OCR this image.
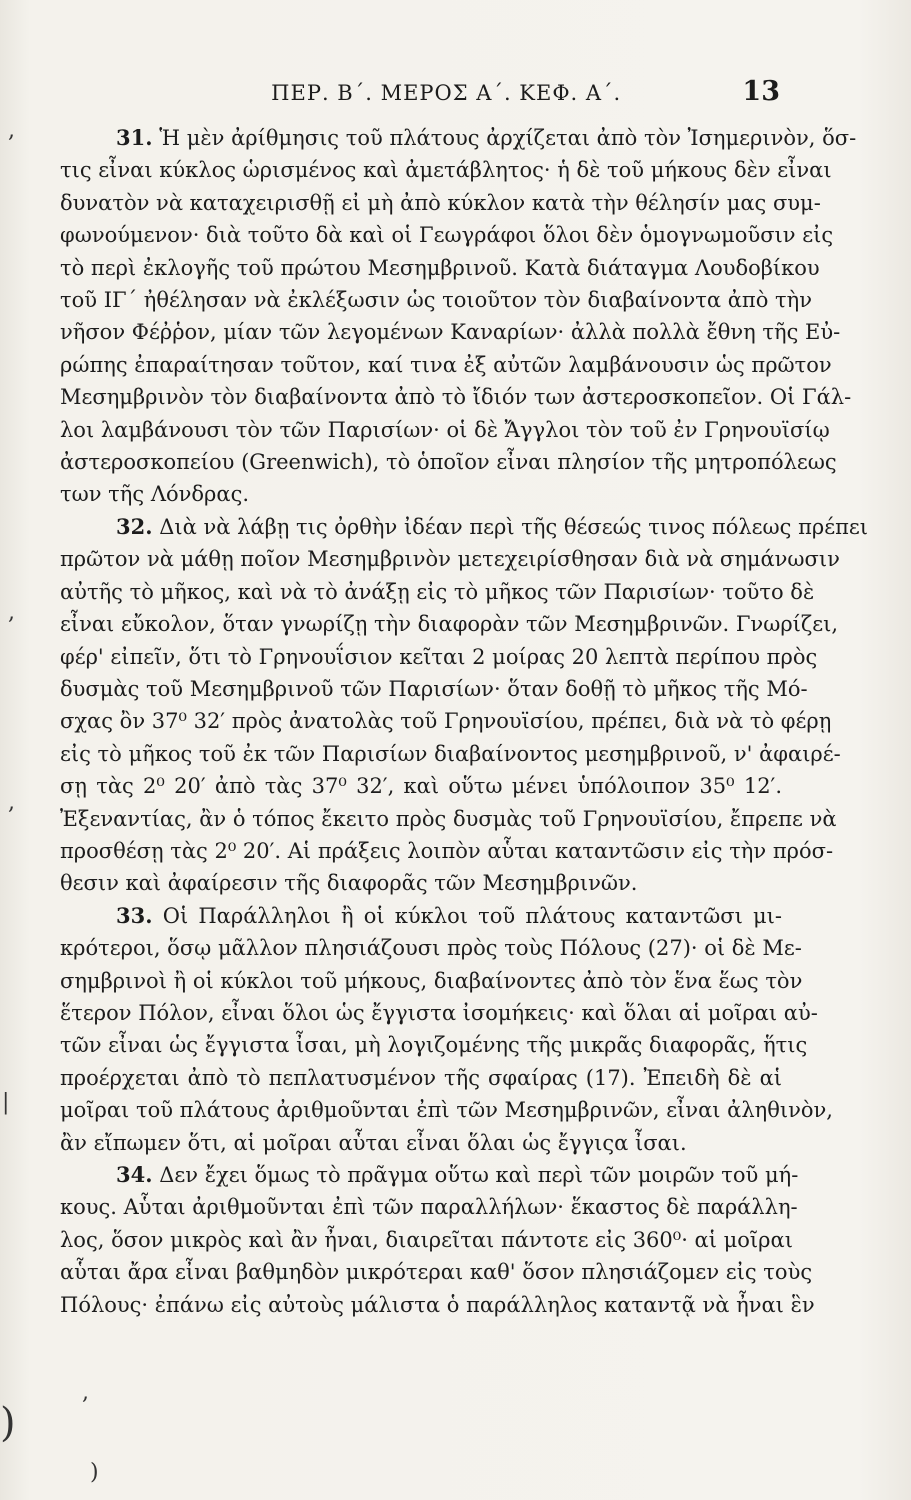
ΠΕΡ. Β΄. ΜΕΡΟΣ Α΄. ΚΕΦ. Α΄.	13
31. Ἡ μὲν ἀρίθμησις τοῦ πλάτους ἀρχίζεται ἀπὸ τὸν Ἰσημερινὸν, ὅσ-
τις εἶναι κύκλος ὡρισμένος καὶ ἀμετάβλητος· ἡ δὲ τοῦ μήκους δὲν εἶναι
δυνατὸν νὰ καταχειρισθῇ εἰ μὴ ἀπὸ κύκλον κατὰ τὴν θέλησίν μας συμ-
φωνούμενον· διὰ τοῦτο δὰ καὶ οἱ Γεωγράφοι ὅλοι δὲν ὁμογνωμοῦσιν εἰς
τὸ περὶ ἐκλογῆς τοῦ πρώτου Μεσημβρινοῦ. Κατὰ διάταγμα Λουδοβίκου
τοῦ ΙΓ΄ ἠθέλησαν νὰ ἐκλέξωσιν ὡς τοιοῦτον τὸν διαβαίνοντα ἀπὸ τὴν
νῆσον Φέῤῥον, μίαν τῶν λεγομένων Καναρίων· ἀλλὰ πολλὰ ἔθνη τῆς Εὐ-
ρώπης ἐπαραίτησαν τοῦτον, καί τινα ἐξ αὐτῶν λαμβάνουσιν ὡς πρῶτον
Μεσημβρινὸν τὸν διαβαίνοντα ἀπὸ τὸ ἴδιόν των ἀστεροσκοπεῖον. Οἱ Γάλ-
λοι λαμβάνουσι τὸν τῶν Παρισίων· οἱ δὲ Ἄγγλοι τὸν τοῦ ἐν Γρηνουϊσίῳ
ἀστεροσκοπείου (Greenwich), τὸ ὁποῖον εἶναι πλησίον τῆς μητροπόλεως
των τῆς Λόνδρας.
32. Διὰ νὰ λάβῃ τις ὀρθὴν ἰδέαν περὶ τῆς θέσεώς τινος πόλεως πρέπει
πρῶτον νὰ μάθῃ ποῖον Μεσημβρινὸν μετεχειρίσθησαν διὰ νὰ σημάνωσιν
αὐτῆς τὸ μῆκος, καὶ νὰ τὸ ἀνάξῃ εἰς τὸ μῆκος τῶν Παρισίων· τοῦτο δὲ
εἶναι εὔκολον, ὅταν γνωρίζῃ τὴν διαφορὰν τῶν Μεσημβρινῶν. Γνωρίζει,
φέρ' εἰπεῖν, ὅτι τὸ Γρηνουΐσιον κεῖται 2 μοίρας 20 λεπτὰ περίπου πρὸς
δυσμὰς τοῦ Μεσημβρινοῦ τῶν Παρισίων· ὅταν δοθῇ τὸ μῆκος τῆς Μό-
σχας ὂν 37⁰ 32′ πρὸς ἀνατολὰς τοῦ Γρηνουϊσίου, πρέπει, διὰ νὰ τὸ φέρῃ
εἰς τὸ μῆκος τοῦ ἐκ τῶν Παρισίων διαβαίνοντος μεσημβρινοῦ, ν' ἀφαιρέ-
σῃ τὰς 2⁰ 20′ ἀπὸ τὰς 37⁰ 32′, καὶ οὕτω μένει ὑπόλοιπον 35⁰ 12′.
Ἐξεναντίας, ἂν ὁ τόπος ἔκειτο πρὸς δυσμὰς τοῦ Γρηνουϊσίου, ἔπρεπε νὰ
προσθέσῃ τὰς 2⁰ 20′. Αἱ πράξεις λοιπὸν αὗται καταντῶσιν εἰς τὴν πρόσ-
θεσιν καὶ ἀφαίρεσιν τῆς διαφορᾶς τῶν Μεσημβρινῶν.
33. Οἱ Παράλληλοι ἢ οἱ κύκλοι τοῦ πλάτους καταντῶσι μι-
κρότεροι, ὅσῳ μᾶλλον πλησιάζουσι πρὸς τοὺς Πόλους (27)· οἱ δὲ Με-
σημβρινοὶ ἢ οἱ κύκλοι τοῦ μήκους, διαβαίνοντες ἀπὸ τὸν ἕνα ἕως τὸν
ἕτερον Πόλον, εἶναι ὅλοι ὡς ἔγγιστα ἰσομήκεις· καὶ ὅλαι αἱ μοῖραι αὐ-
τῶν εἶναι ὡς ἔγγιστα ἶσαι, μὴ λογιζομένης τῆς μικρᾶς διαφορᾶς, ἥτις
προέρχεται ἀπὸ τὸ πεπλατυσμένον τῆς σφαίρας (17). Ἐπειδὴ δὲ αἱ
μοῖραι τοῦ πλάτους ἀριθμοῦνται ἐπὶ τῶν Μεσημβρινῶν, εἶναι ἀληθινὸν,
ἂν εἴπωμεν ὅτι, αἱ μοῖραι αὗται εἶναι ὅλαι ὡς ἔγγιςα ἶσαι.
34. Δεν ἔχει ὅμως τὸ πρᾶγμα οὕτω καὶ περὶ τῶν μοιρῶν τοῦ μή-
κους. Αὗται ἀριθμοῦνται ἐπὶ τῶν παραλλήλων· ἕκαστος δὲ παράλλη-
λος, ὅσον μικρὸς καὶ ἂν ἦναι, διαιρεῖται πάντοτε εἰς 360⁰· αἱ μοῖραι
αὗται ἄρα εἶναι βαθμηδὸν μικρότεραι καθ' ὅσον πλησιάζομεν εἰς τοὺς
Πόλους· ἐπάνω εἰς αὐτοὺς μάλιστα ὁ παράλληλος καταντᾷ νὰ ἦναι ἓν
,
,
,
|
)
,
)
